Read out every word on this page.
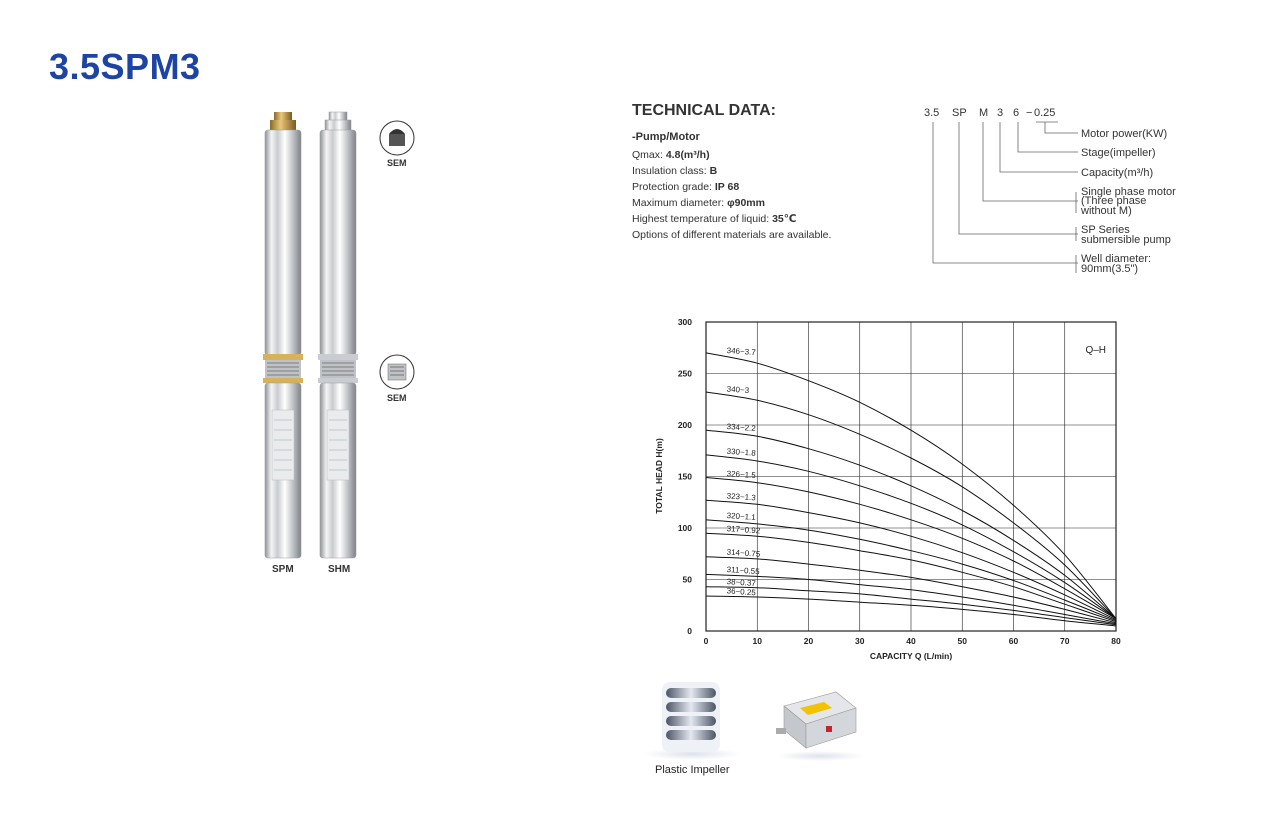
3.5SPM3
SEM
SEM
SPM	SHM
TECHNICAL DATA:
-Pump/Motor
Qmax: 4.8(m³/h)
Insulation class: B
Protection grade: IP 68
Maximum diameter: φ90mm
Highest temperature of liquid: 35℃
Options of different materials are available.
3.5 SP M 3 6 − 0.25
Motor power(KW)
Stage(impeller)
Capacity(m³/h)
Single phase motor
(Three phase
without M)
SP Series
submersible pump
Well diameter:
90mm(3.5")
346−3.7
340−3
334−2.2
330−1.8
326−1.5
323−1.3
320−1.1
317−0.92
314−0.75
311−0.55
38−0.37
36−0.25
0	10	20	30	40	50	60	70	80
0
50
100
150
200
250
300
CAPACITY Q (L/min)
TOTAL HEAD H(m)
Q–H
Plastic Impeller
